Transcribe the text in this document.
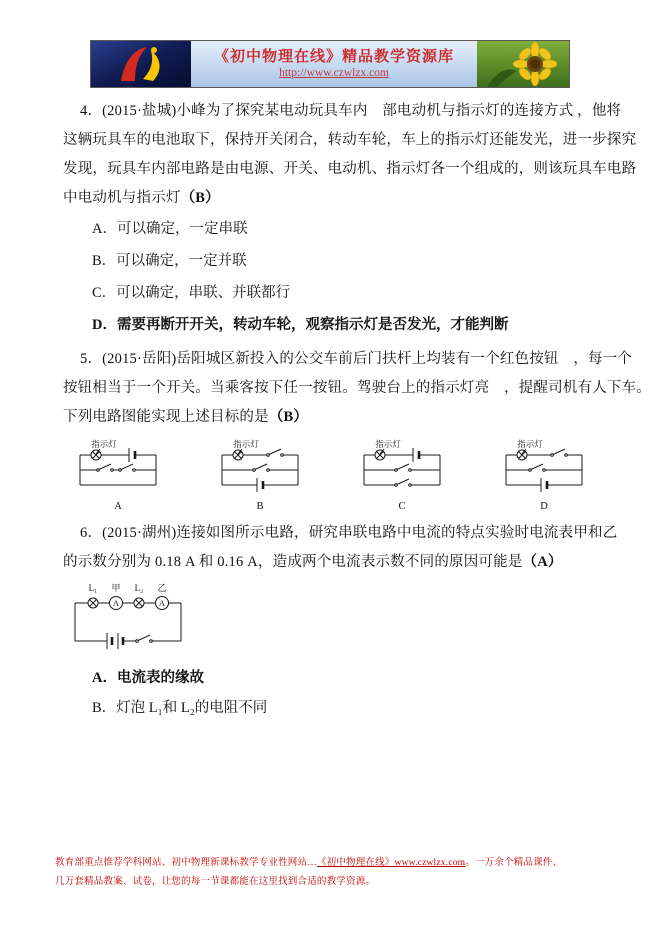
《初中物理在线》精品教学资源库
http://www.czwlzx.com
4．(2015·盐城)小峰为了探究某电动玩具车内　部电动机与指示灯的连接方式 ，他将
这辆玩具车的电池取下，保持开关闭合，转动车轮，车上的指示灯还能发光，进一步探究
发现，玩具车内部电路是由电源、开关、电动机、指示灯各一个组成的，则该玩具车电路
中电动机与指示灯（B）
A．可以确定，一定串联
B．可以确定，一定并联
C．可以确定，串联、并联都行
D．需要再断开开关，转动车轮，观察指示灯是否发光，才能判断
5．(2015·岳阳)岳阳城区新投入的公交车前后门扶杆上均装有一个红色按钮　，每一个
按钮相当于一个开关。当乘客按下任一按钮。驾驶台上的指示灯亮　，提醒司机有人下车。
下列电路图能实现上述目标的是（B）
指示灯
A
指示灯
B
指示灯
C
指示灯
D
6．(2015·湖州)连接如图所示电路，研究串联电路中电流的特点实验时电流表甲和乙
的示数分别为 0.18 A 和 0.16 A，造成两个电流表示数不同的原因可能是（A）
L₁ 甲 L₂ 乙
A	A
A．电流表的缘故
B．灯泡 L₁和 L₂的电阻不同
教育部重点推荐学科网站、初中物理新课标教学专业性网站…《初中物理在线》www.czwlzx.com。一万余个精品课件、
几万套精品教案、试卷，让您的每一节课都能在这里找到合适的教学资源。
